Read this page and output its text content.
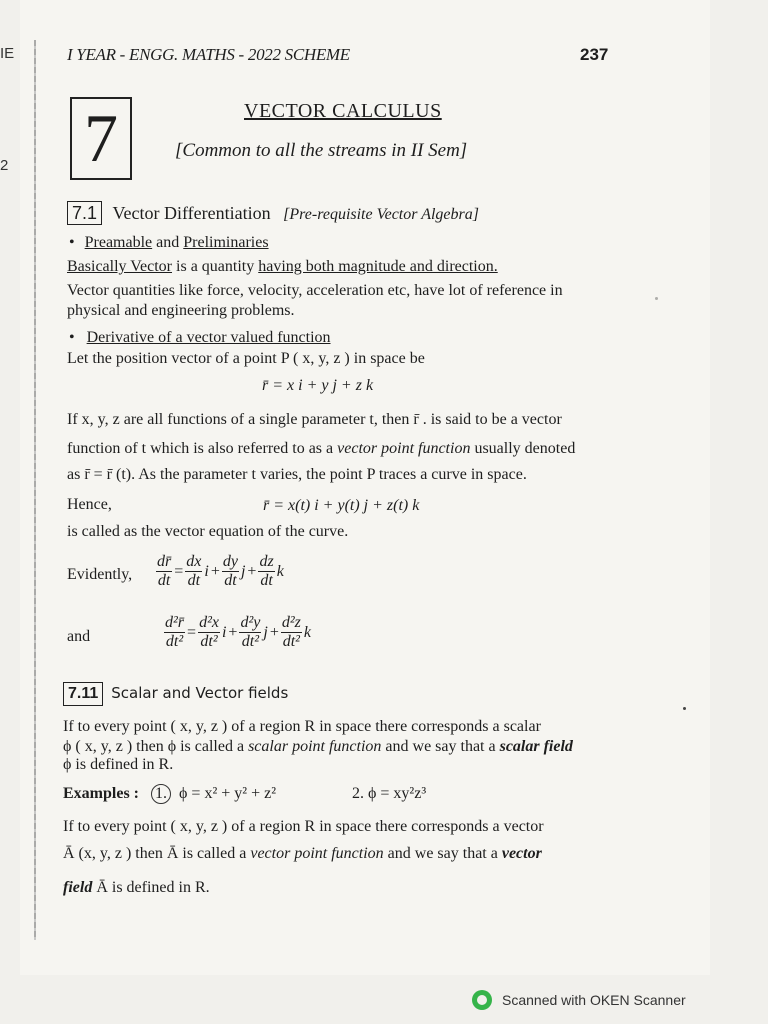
IE
2
I YEAR - ENGG. MATHS - 2022 SCHEME	237
7	VECTOR CALCULUS
[Common to all the streams in II Sem]
7.1 Vector Differentiation [Pre-requisite Vector Algebra]
• Preamable and Preliminaries
Basically Vector is a quantity having both magnitude and direction.
Vector quantities like force, velocity, acceleration etc, have lot of reference in
physical and engineering problems.
• Derivative of a vector valued function
Let the position vector of a point P ( x, y, z ) in space be
r̄ = x i + y j + z k
If x, y, z are all functions of a single parameter t, then r̄ . is said to be a vector
function of t which is also referred to as a vector point function usually denoted
as r̄ = r̄ (t). As the parameter t varies, the point P traces a curve in space.
Hence,	r̄ = x(t) i + y(t) j + z(t) k
is called as the vector equation of the curve.
Evidently, $\frac{dr̄}{dt} = \frac{dx}{dt}$ $i + \frac{dy}{dt}$ $j + \frac{dz}{dt}$ k
and	$\frac{\text{d²r̄}}{\text{dt²}} = \frac{\text{d²x}}{\text{dt²}}$ $i + \frac{\text{d²y}}{\text{dt²}}$ $j + \frac{\text{d²z}}{\text{dt²}}$ k
7.11 Scalar and Vector fields
If to every point ( x, y, z ) of a region R in space there corresponds a scalar
ϕ ( x, y, z ) then ϕ is called a scalar point function and we say that a scalar field
ϕ is defined in R.
Examples : 1. ϕ = x² + y² + z²	2. ϕ = xy²z³
If to every point ( x, y, z ) of a region R in space there corresponds a vector
Ā (x, y, z ) then Ā is called a vector point function and we say that a vector
field Ā is defined in R.
Scanned with OKEN Scanner
